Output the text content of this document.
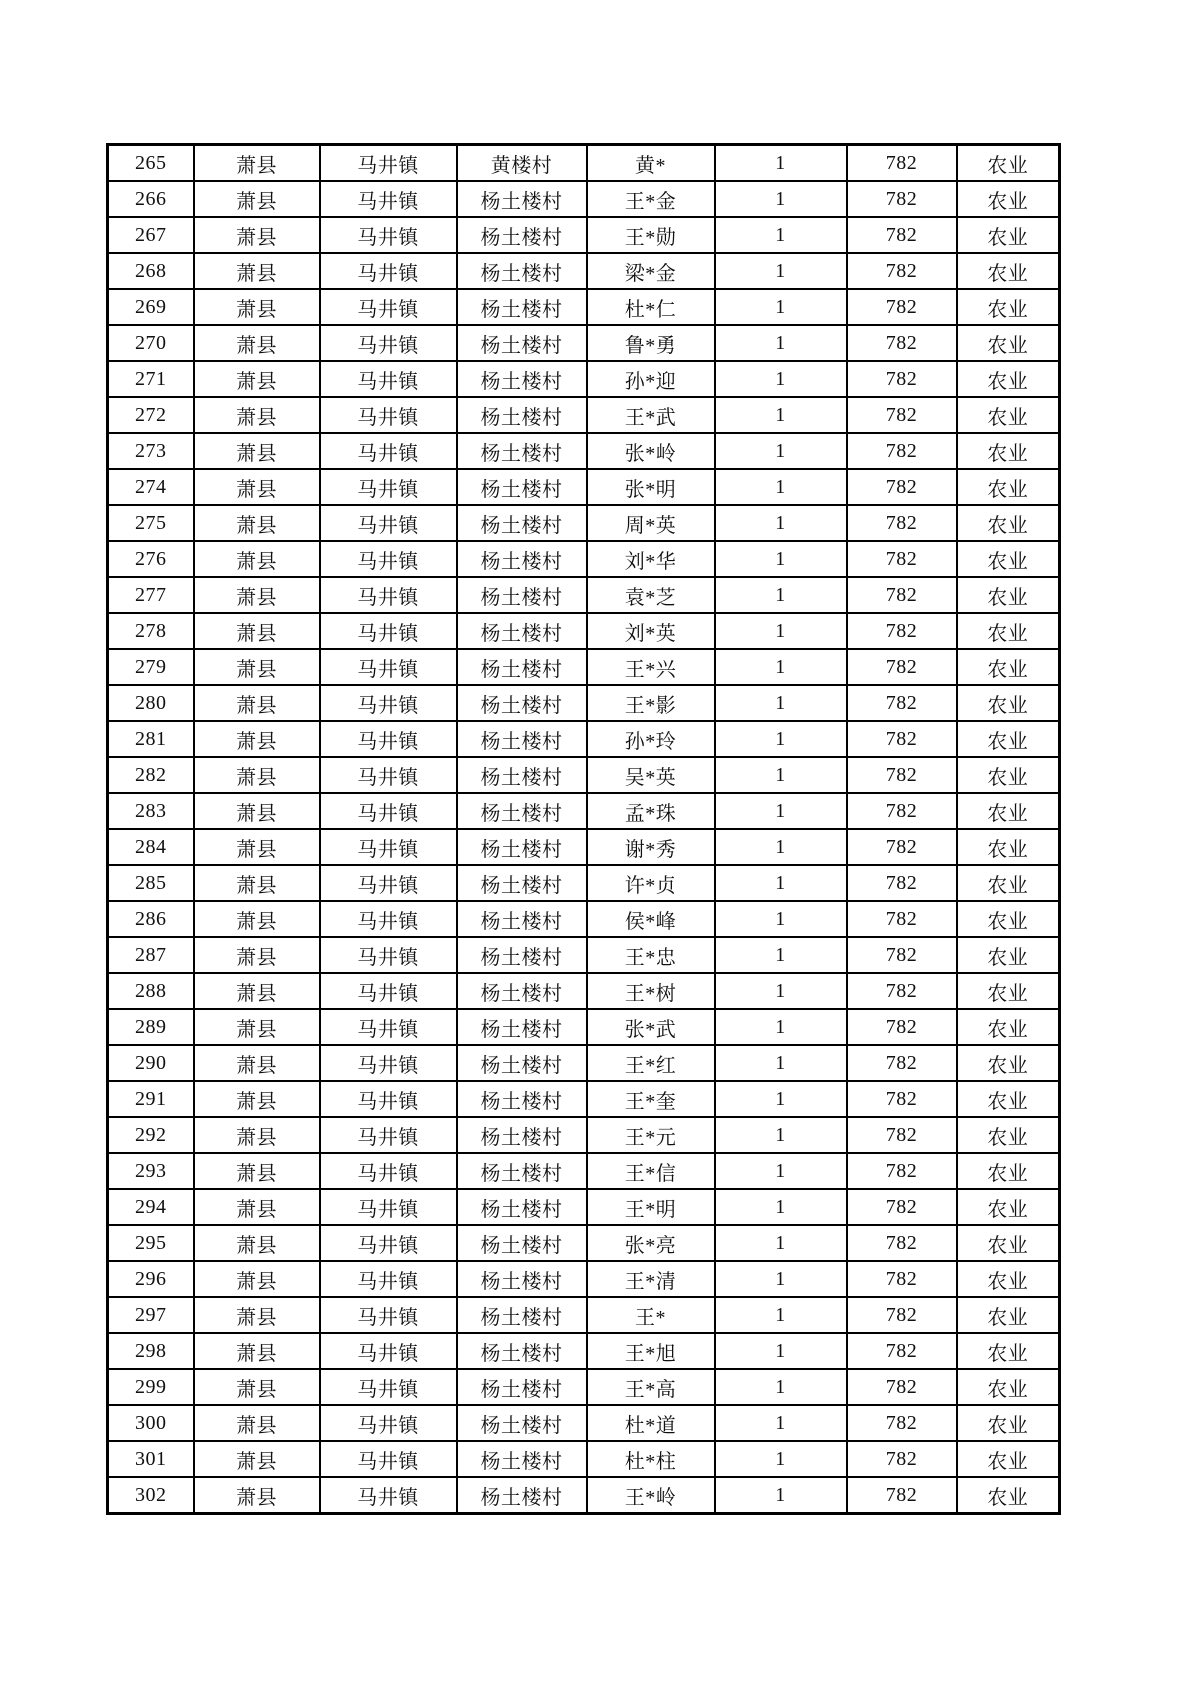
265	萧县	马井镇	黄楼村	黄*	1	782	农业
266	萧县	马井镇	杨土楼村	王*金	1	782	农业
267	萧县	马井镇	杨土楼村	王*勋	1	782	农业
268	萧县	马井镇	杨土楼村	梁*金	1	782	农业
269	萧县	马井镇	杨土楼村	杜*仁	1	782	农业
270	萧县	马井镇	杨土楼村	鲁*勇	1	782	农业
271	萧县	马井镇	杨土楼村	孙*迎	1	782	农业
272	萧县	马井镇	杨土楼村	王*武	1	782	农业
273	萧县	马井镇	杨土楼村	张*岭	1	782	农业
274	萧县	马井镇	杨土楼村	张*明	1	782	农业
275	萧县	马井镇	杨土楼村	周*英	1	782	农业
276	萧县	马井镇	杨土楼村	刘*华	1	782	农业
277	萧县	马井镇	杨土楼村	袁*芝	1	782	农业
278	萧县	马井镇	杨土楼村	刘*英	1	782	农业
279	萧县	马井镇	杨土楼村	王*兴	1	782	农业
280	萧县	马井镇	杨土楼村	王*影	1	782	农业
281	萧县	马井镇	杨土楼村	孙*玲	1	782	农业
282	萧县	马井镇	杨土楼村	吴*英	1	782	农业
283	萧县	马井镇	杨土楼村	孟*珠	1	782	农业
284	萧县	马井镇	杨土楼村	谢*秀	1	782	农业
285	萧县	马井镇	杨土楼村	许*贞	1	782	农业
286	萧县	马井镇	杨土楼村	侯*峰	1	782	农业
287	萧县	马井镇	杨土楼村	王*忠	1	782	农业
288	萧县	马井镇	杨土楼村	王*树	1	782	农业
289	萧县	马井镇	杨土楼村	张*武	1	782	农业
290	萧县	马井镇	杨土楼村	王*红	1	782	农业
291	萧县	马井镇	杨土楼村	王*奎	1	782	农业
292	萧县	马井镇	杨土楼村	王*元	1	782	农业
293	萧县	马井镇	杨土楼村	王*信	1	782	农业
294	萧县	马井镇	杨土楼村	王*明	1	782	农业
295	萧县	马井镇	杨土楼村	张*亮	1	782	农业
296	萧县	马井镇	杨土楼村	王*清	1	782	农业
297	萧县	马井镇	杨土楼村	王*	1	782	农业
298	萧县	马井镇	杨土楼村	王*旭	1	782	农业
299	萧县	马井镇	杨土楼村	王*高	1	782	农业
300	萧县	马井镇	杨土楼村	杜*道	1	782	农业
301	萧县	马井镇	杨土楼村	杜*柱	1	782	农业
302	萧县	马井镇	杨土楼村	王*岭	1	782	农业
